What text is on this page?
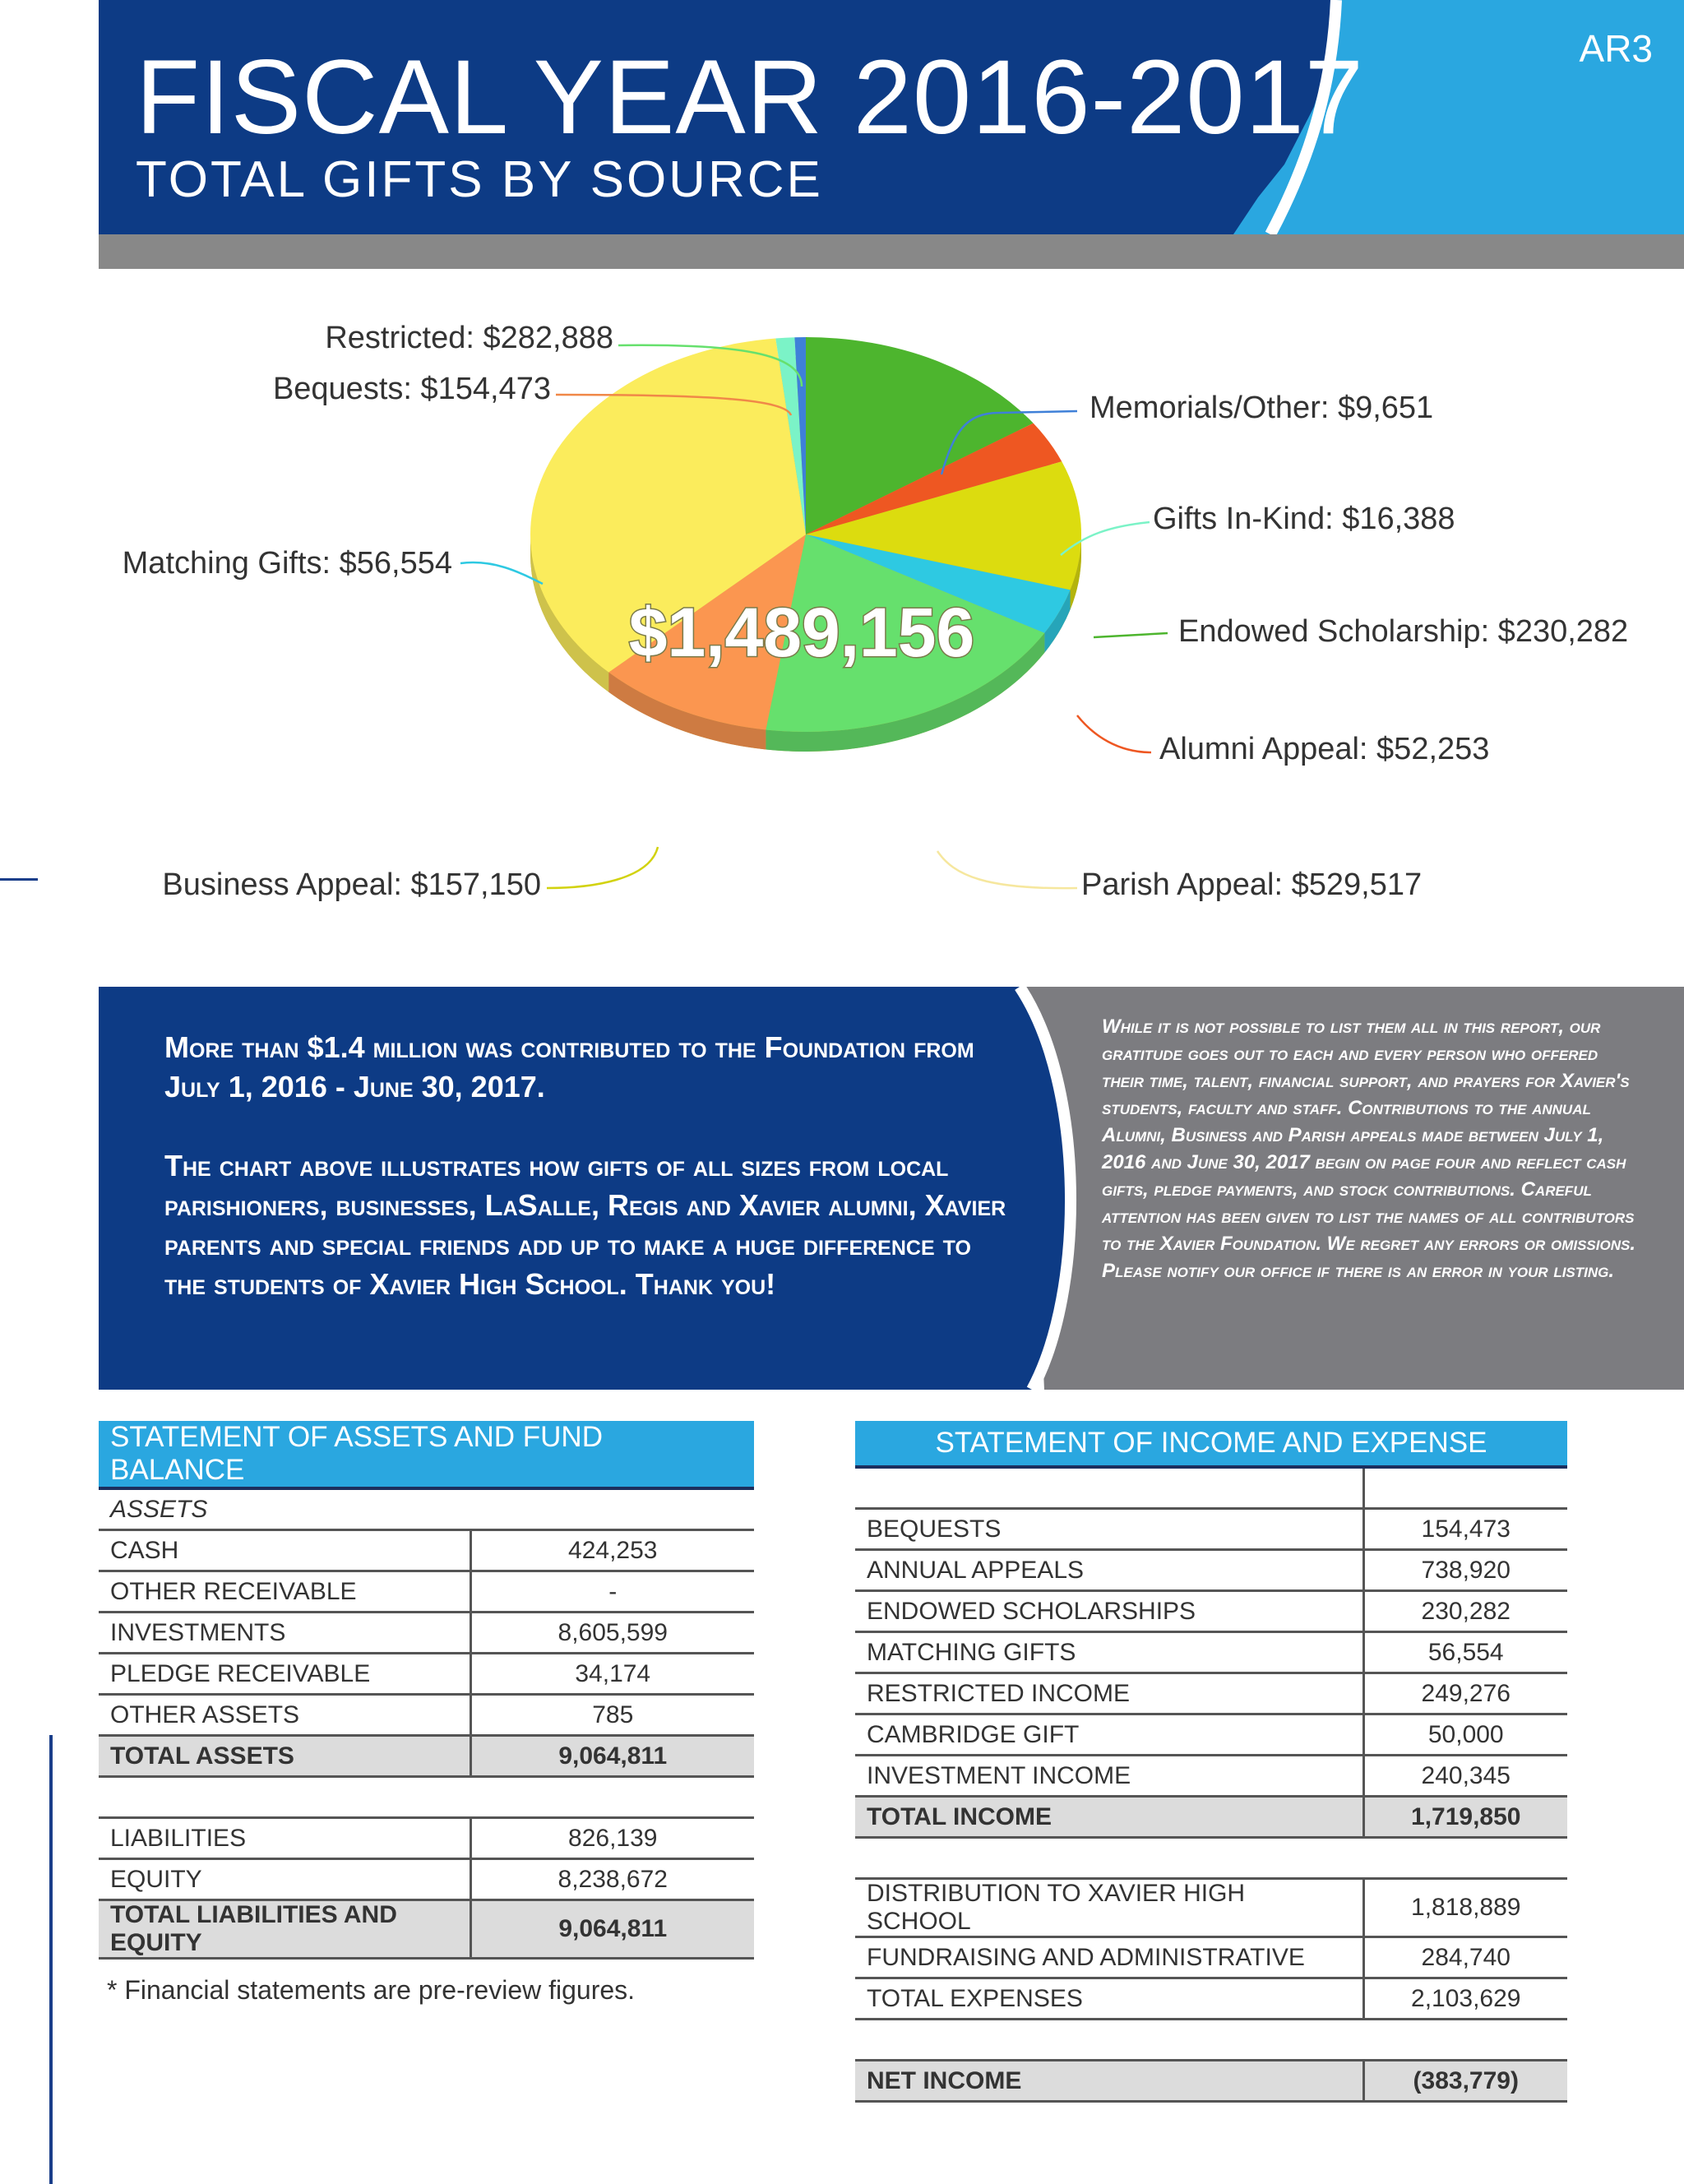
FISCAL YEAR 2016-2017
TOTAL GIFTS BY SOURCE
AR3
Restricted: $282,888
Bequests: $154,473
Memorials/Other: $9,651
Matching Gifts: $56,554
Gifts In-Kind: $16,388
Endowed Scholarship: $230,282
Alumni Appeal: $52,253
Business Appeal: $157,150	Parish Appeal: $529,517
$1,489,156

More than $1.4 million was contributed to the Foundation from July 1, 2016 - June 30, 2017.

The chart above illustrates how gifts of all sizes from local parishioners, businesses, LaSalle, Regis and Xavier alumni, Xavier parents and special friends add up to make a huge difference to the students of Xavier High School. Thank you!

While it is not possible to list them all in this report, our gratitude goes out to each and every person who offered their time, talent, financial support, and prayers for Xavier's students, faculty and staff. Contributions to the annual Alumni, Business and Parish appeals made between July 1, 2016 and June 30, 2017 begin on page four and reflect cash gifts, pledge payments, and stock contributions. Careful attention has been given to list the names of all contributors to the Xavier Foundation. We regret any errors or omissions. Please notify our office if there is an error in your listing.
STATEMENT OF ASSETS AND FUND BALANCE	
ASSETS	
CASH	424,253
OTHER RECEIVABLE	-
INVESTMENTS	8,605,599
PLEDGE RECEIVABLE	34,174
OTHER ASSETS	785
TOTAL ASSETS	9,064,811

LIABILITIES	826,139
EQUITY	8,238,672
TOTAL LIABILITIES AND EQUITY	9,064,811
* Financial statements are pre-review figures.
STATEMENT OF INCOME AND EXPENSE	

BEQUESTS	154,473
ANNUAL APPEALS	738,920
ENDOWED SCHOLARSHIPS	230,282
MATCHING GIFTS	56,554
RESTRICTED INCOME	249,276
CAMBRIDGE GIFT	50,000
INVESTMENT INCOME	240,345
TOTAL INCOME	1,719,850

DISTRIBUTION TO XAVIER HIGH SCHOOL	1,818,889
FUNDRAISING AND ADMINISTRATIVE	284,740
TOTAL EXPENSES	2,103,629

NET INCOME	(383,779)
